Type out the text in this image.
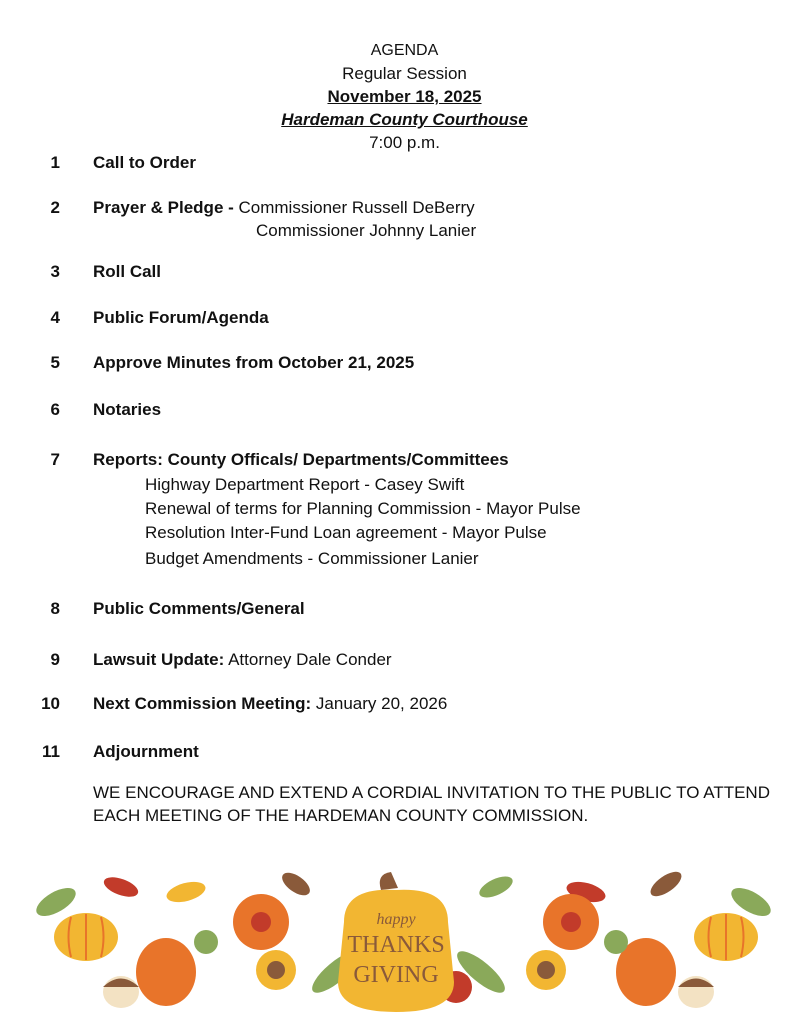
AGENDA
Regular Session
November 18, 2025
Hardeman County Courthouse
7:00 p.m.
1 Call to Order
2 Prayer & Pledge - Commissioner Russell DeBerry
Commissioner Johnny Lanier
3 Roll Call
4 Public Forum/Agenda
5 Approve Minutes from October 21, 2025
6 Notaries
7 Reports: County Officals/ Departments/Committees
Highway Department Report - Casey Swift
Renewal of terms for Planning Commission - Mayor Pulse
Resolution Inter-Fund Loan agreement - Mayor Pulse
Budget Amendments - Commissioner Lanier
8 Public Comments/General
9 Lawsuit Update: Attorney Dale Conder
10 Next Commission Meeting: January 20, 2026
11 Adjournment
WE ENCOURAGE AND EXTEND A CORDIAL INVITATION TO THE PUBLIC TO ATTEND EACH MEETING OF THE HARDEMAN COUNTY COMMISSION.
happy
THANKS
GIVING
